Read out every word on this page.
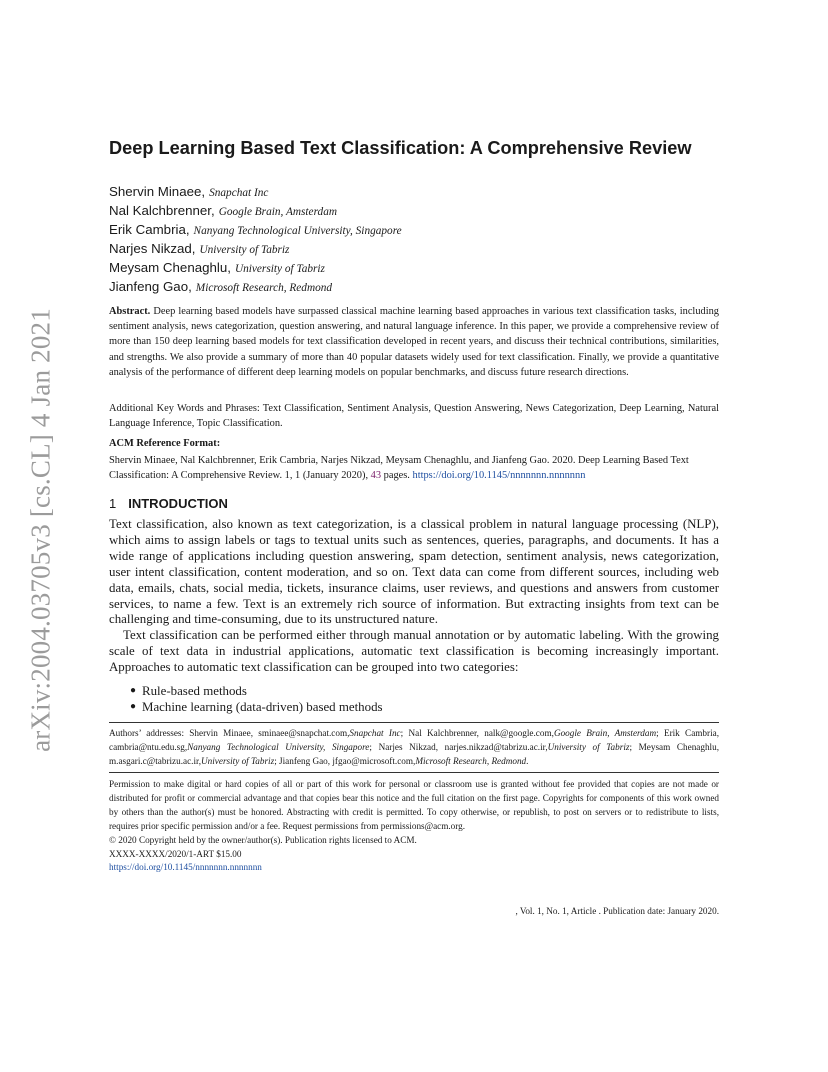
arXiv:2004.03705v3 [cs.CL] 4 Jan 2021
Deep Learning Based Text Classification: A Comprehensive Review
Shervin Minaee, Snapchat Inc
Nal Kalchbrenner, Google Brain, Amsterdam
Erik Cambria, Nanyang Technological University, Singapore
Narjes Nikzad, University of Tabriz
Meysam Chenaghlu, University of Tabriz
Jianfeng Gao, Microsoft Research, Redmond
Abstract. Deep learning based models have surpassed classical machine learning based approaches in various text classification tasks, including sentiment analysis, news categorization, question answering, and natural language inference. In this paper, we provide a comprehensive review of more than 150 deep learning based models for text classification developed in recent years, and discuss their technical contributions, similarities, and strengths. We also provide a summary of more than 40 popular datasets widely used for text classification. Finally, we provide a quantitative analysis of the performance of different deep learning models on popular benchmarks, and discuss future research directions.
Additional Key Words and Phrases: Text Classification, Sentiment Analysis, Question Answering, News Categorization, Deep Learning, Natural Language Inference, Topic Classification.
ACM Reference Format:
Shervin Minaee, Nal Kalchbrenner, Erik Cambria, Narjes Nikzad, Meysam Chenaghlu, and Jianfeng Gao. 2020. Deep Learning Based Text Classification: A Comprehensive Review. 1, 1 (January 2020), 43 pages. https://doi.org/10.1145/nnnnnnn.nnnnnnn
1 INTRODUCTION

Text classification, also known as text categorization, is a classical problem in natural language processing (NLP), which aims to assign labels or tags to textual units such as sentences, queries, paragraphs, and documents. It has a wide range of applications including question answering, spam detection, sentiment analysis, news categorization, user intent classification, content moderation, and so on. Text data can come from different sources, including web data, emails, chats, social media, tickets, insurance claims, user reviews, and questions and answers from customer services, to name a few. Text is an extremely rich source of information. But extracting insights from text can be challenging and time-consuming, due to its unstructured nature.

Text classification can be performed either through manual annotation or by automatic labeling. With the growing scale of text data in industrial applications, automatic text classification is becoming increasingly important. Approaches to automatic text classification can be grouped into two categories:

● Rule-based methods
● Machine learning (data-driven) based methods
Authors’ addresses: Shervin Minaee, sminaee@snapchat.com,Snapchat Inc; Nal Kalchbrenner, nalk@google.com,Google Brain, Amsterdam; Erik Cambria, cambria@ntu.edu.sg,Nanyang Technological University, Singapore; Narjes Nikzad, narjes.nikzad@tabrizu.ac.ir,University of Tabriz; Meysam Chenaghlu, m.asgari.c@tabrizu.ac.ir,University of Tabriz; Jianfeng Gao, jfgao@microsoft.com,Microsoft Research, Redmond.

Permission to make digital or hard copies of all or part of this work for personal or classroom use is granted without fee provided that copies are not made or distributed for profit or commercial advantage and that copies bear this notice and the full citation on the first page. Copyrights for components of this work owned by others than the author(s) must be honored. Abstracting with credit is permitted. To copy otherwise, or republish, to post on servers or to redistribute to lists, requires prior specific permission and/or a fee. Request permissions from permissions@acm.org.

© 2020 Copyright held by the owner/author(s). Publication rights licensed to ACM.

XXXX-XXXX/2020/1-ART $15.00

https://doi.org/10.1145/nnnnnnn.nnnnnnn

, Vol. 1, No. 1, Article . Publication date: January 2020.
